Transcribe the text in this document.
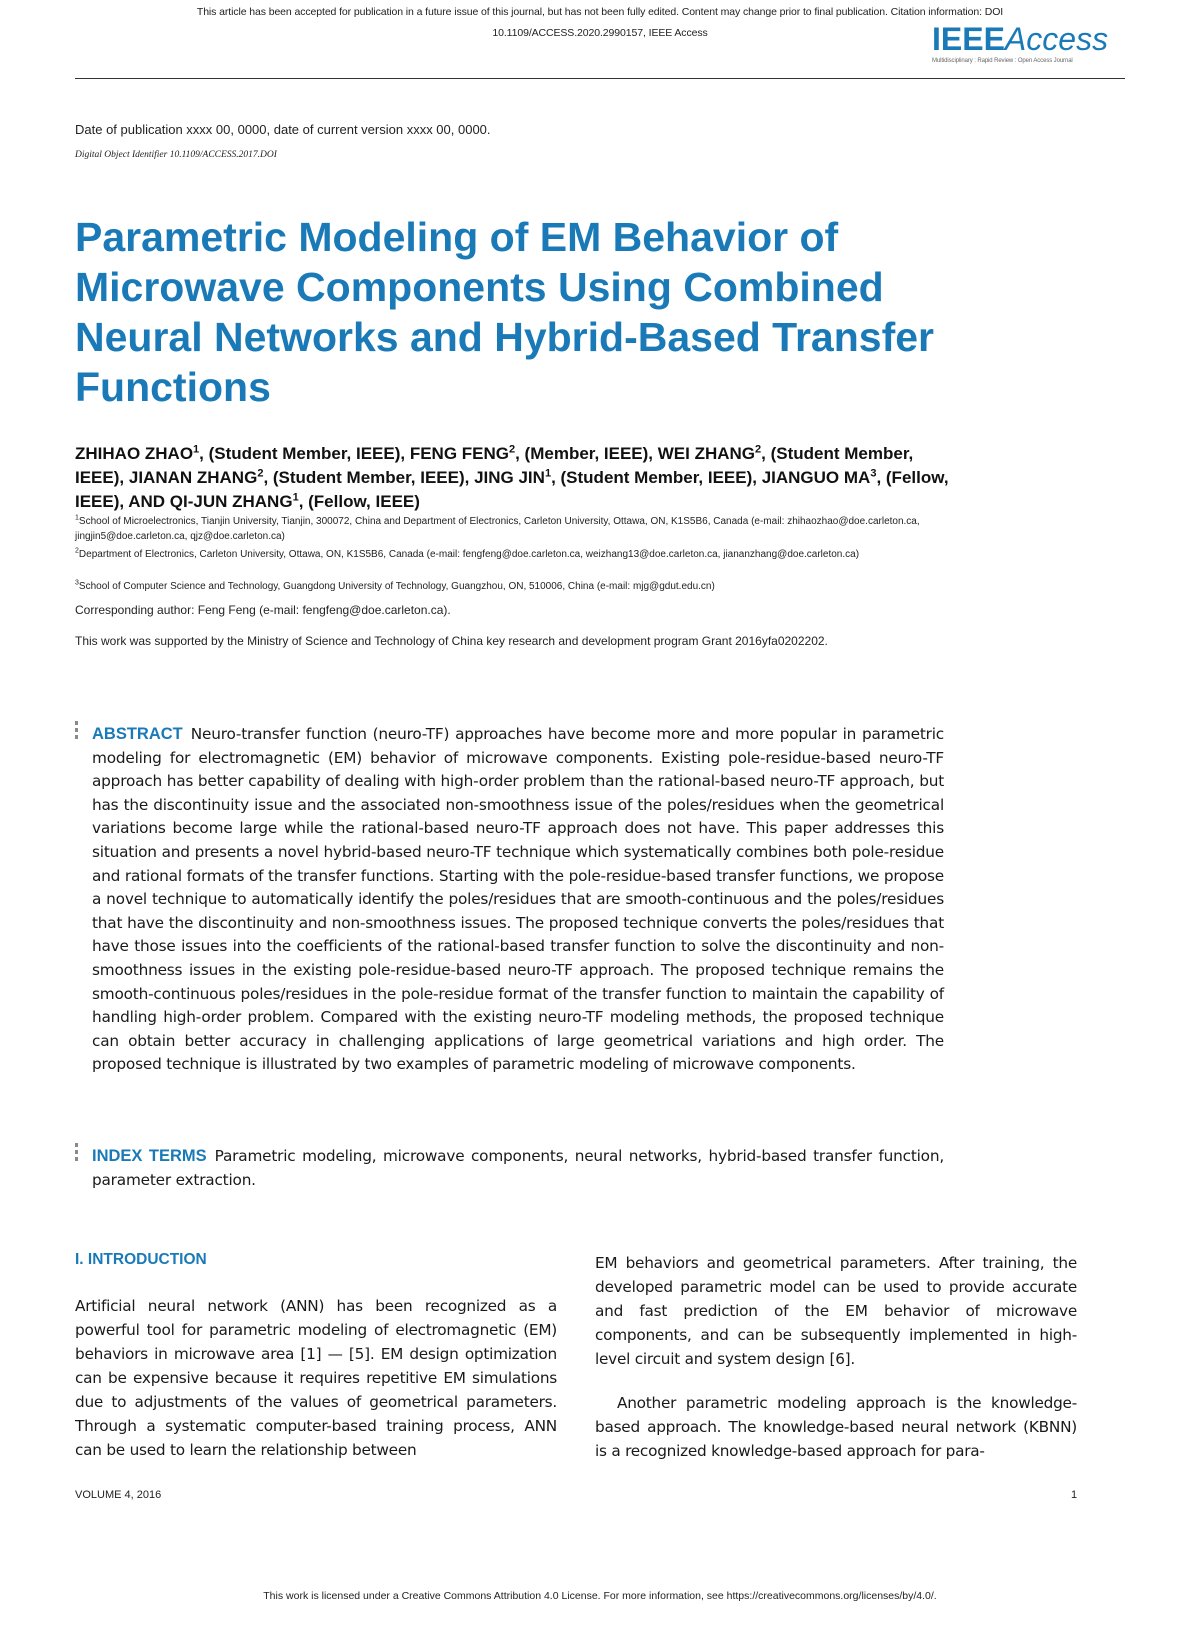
This article has been accepted for publication in a future issue of this journal, but has not been fully edited. Content may change prior to final publication. Citation information: DOI
10.1109/ACCESS.2020.2990157, IEEE Access	IEEEAccess
Multidisciplinary : Rapid Review : Open Access Journal
Date of publication xxxx 00, 0000, date of current version xxxx 00, 0000.
Digital Object Identifier 10.1109/ACCESS.2017.DOI
Parametric Modeling of EM Behavior of Microwave Components Using Combined Neural Networks and Hybrid-Based Transfer Functions
ZHIHAO ZHAO$^1$, (Student Member, IEEE), FENG FENG$^2$, (Member, IEEE), WEI ZHANG$^2$, (Student Member, IEEE), JIANAN ZHANG$^2$, (Student Member, IEEE), JING JIN$^1$, (Student Member, IEEE), JIANGUO $MA^3$, (Fellow, IEEE), AND QI-JUN ZHANG$^1$, (Fellow, IEEE)
$^1$School of Microelectronics, Tianjin University, Tianjin, 300072, China and Department of Electronics, Carleton University, Ottawa, ON, K1S5B6, Canada (e-mail: zhihaozhao@doe.carleton.ca, jingjin5@doe.carleton.ca, qjz@doe.carleton.ca)
$^2$Department of Electronics, Carleton University, Ottawa, ON, K1S5B6, Canada (e-mail: fengfeng@doe.carleton.ca, weizhang13@doe.carleton.ca, jiananzhang@doe.carleton.ca)
$^3$School of Computer Science and Technology, Guangdong University of Technology, Guangzhou, ON, 510006, China (e-mail: mjg@gdut.edu.cn)
Corresponding author: Feng Feng (e-mail: fengfeng@doe.carleton.ca).
This work was supported by the Ministry of Science and Technology of China key research and development program Grant 2016yfa0202202.
ABSTRACT Neuro-transfer function (neuro-TF) approaches have become more and more popular in parametric modeling for electromagnetic (EM) behavior of microwave components. Existing pole-residue-based neuro-TF approach has better capability of dealing with high-order problem than the rational-based neuro-TF approach, but has the discontinuity issue and the associated non-smoothness issue of the poles/residues when the geometrical variations become large while the rational-based neuro-TF approach does not have. This paper addresses this situation and presents a novel hybrid-based neuro-TF technique which systematically combines both pole-residue and rational formats of the transfer functions. Starting with the pole-residue-based transfer functions, we propose a novel technique to automatically identify the poles/residues that are smooth-continuous and the poles/residues that have the discontinuity and non-smoothness issues. The proposed technique converts the poles/residues that have those issues into the coefficients of the rational-based transfer function to solve the discontinuity and non-smoothness issues in the existing pole-residue-based neuro-TF approach. The proposed technique remains the smooth-continuous poles/residues in the pole-residue format of the transfer function to maintain the capability of handling high-order problem. Compared with the existing neuro-TF modeling methods, the proposed technique can obtain better accuracy in challenging applications of large geometrical variations and high order. The proposed technique is illustrated by two examples of parametric modeling of microwave components.
INDEX TERMS Parametric modeling, microwave components, neural networks, hybrid-based transfer function, parameter extraction.
I. INTRODUCTION

Artificial neural network (ANN) has been recognized as a powerful tool for parametric modeling of electromagnetic (EM) behaviors in microwave area [1] — [5]. EM design optimization can be expensive because it requires repetitive EM simulations due to adjustments of the values of geometrical parameters. Through a systematic computer-based training process, ANN can be used to learn the relationship between

EM behaviors and geometrical parameters. After training, the developed parametric model can be used to provide accurate and fast prediction of the EM behavior of microwave components, and can be subsequently implemented in high-level circuit and system design [6].

Another parametric modeling approach is the knowledge-based approach. The knowledge-based neural network (KBNN) is a recognized knowledge-based approach for para-

VOLUME 4, 2016	1
This work is licensed under a Creative Commons Attribution 4.0 License. For more information, see https://creativecommons.org/licenses/by/4.0/.
